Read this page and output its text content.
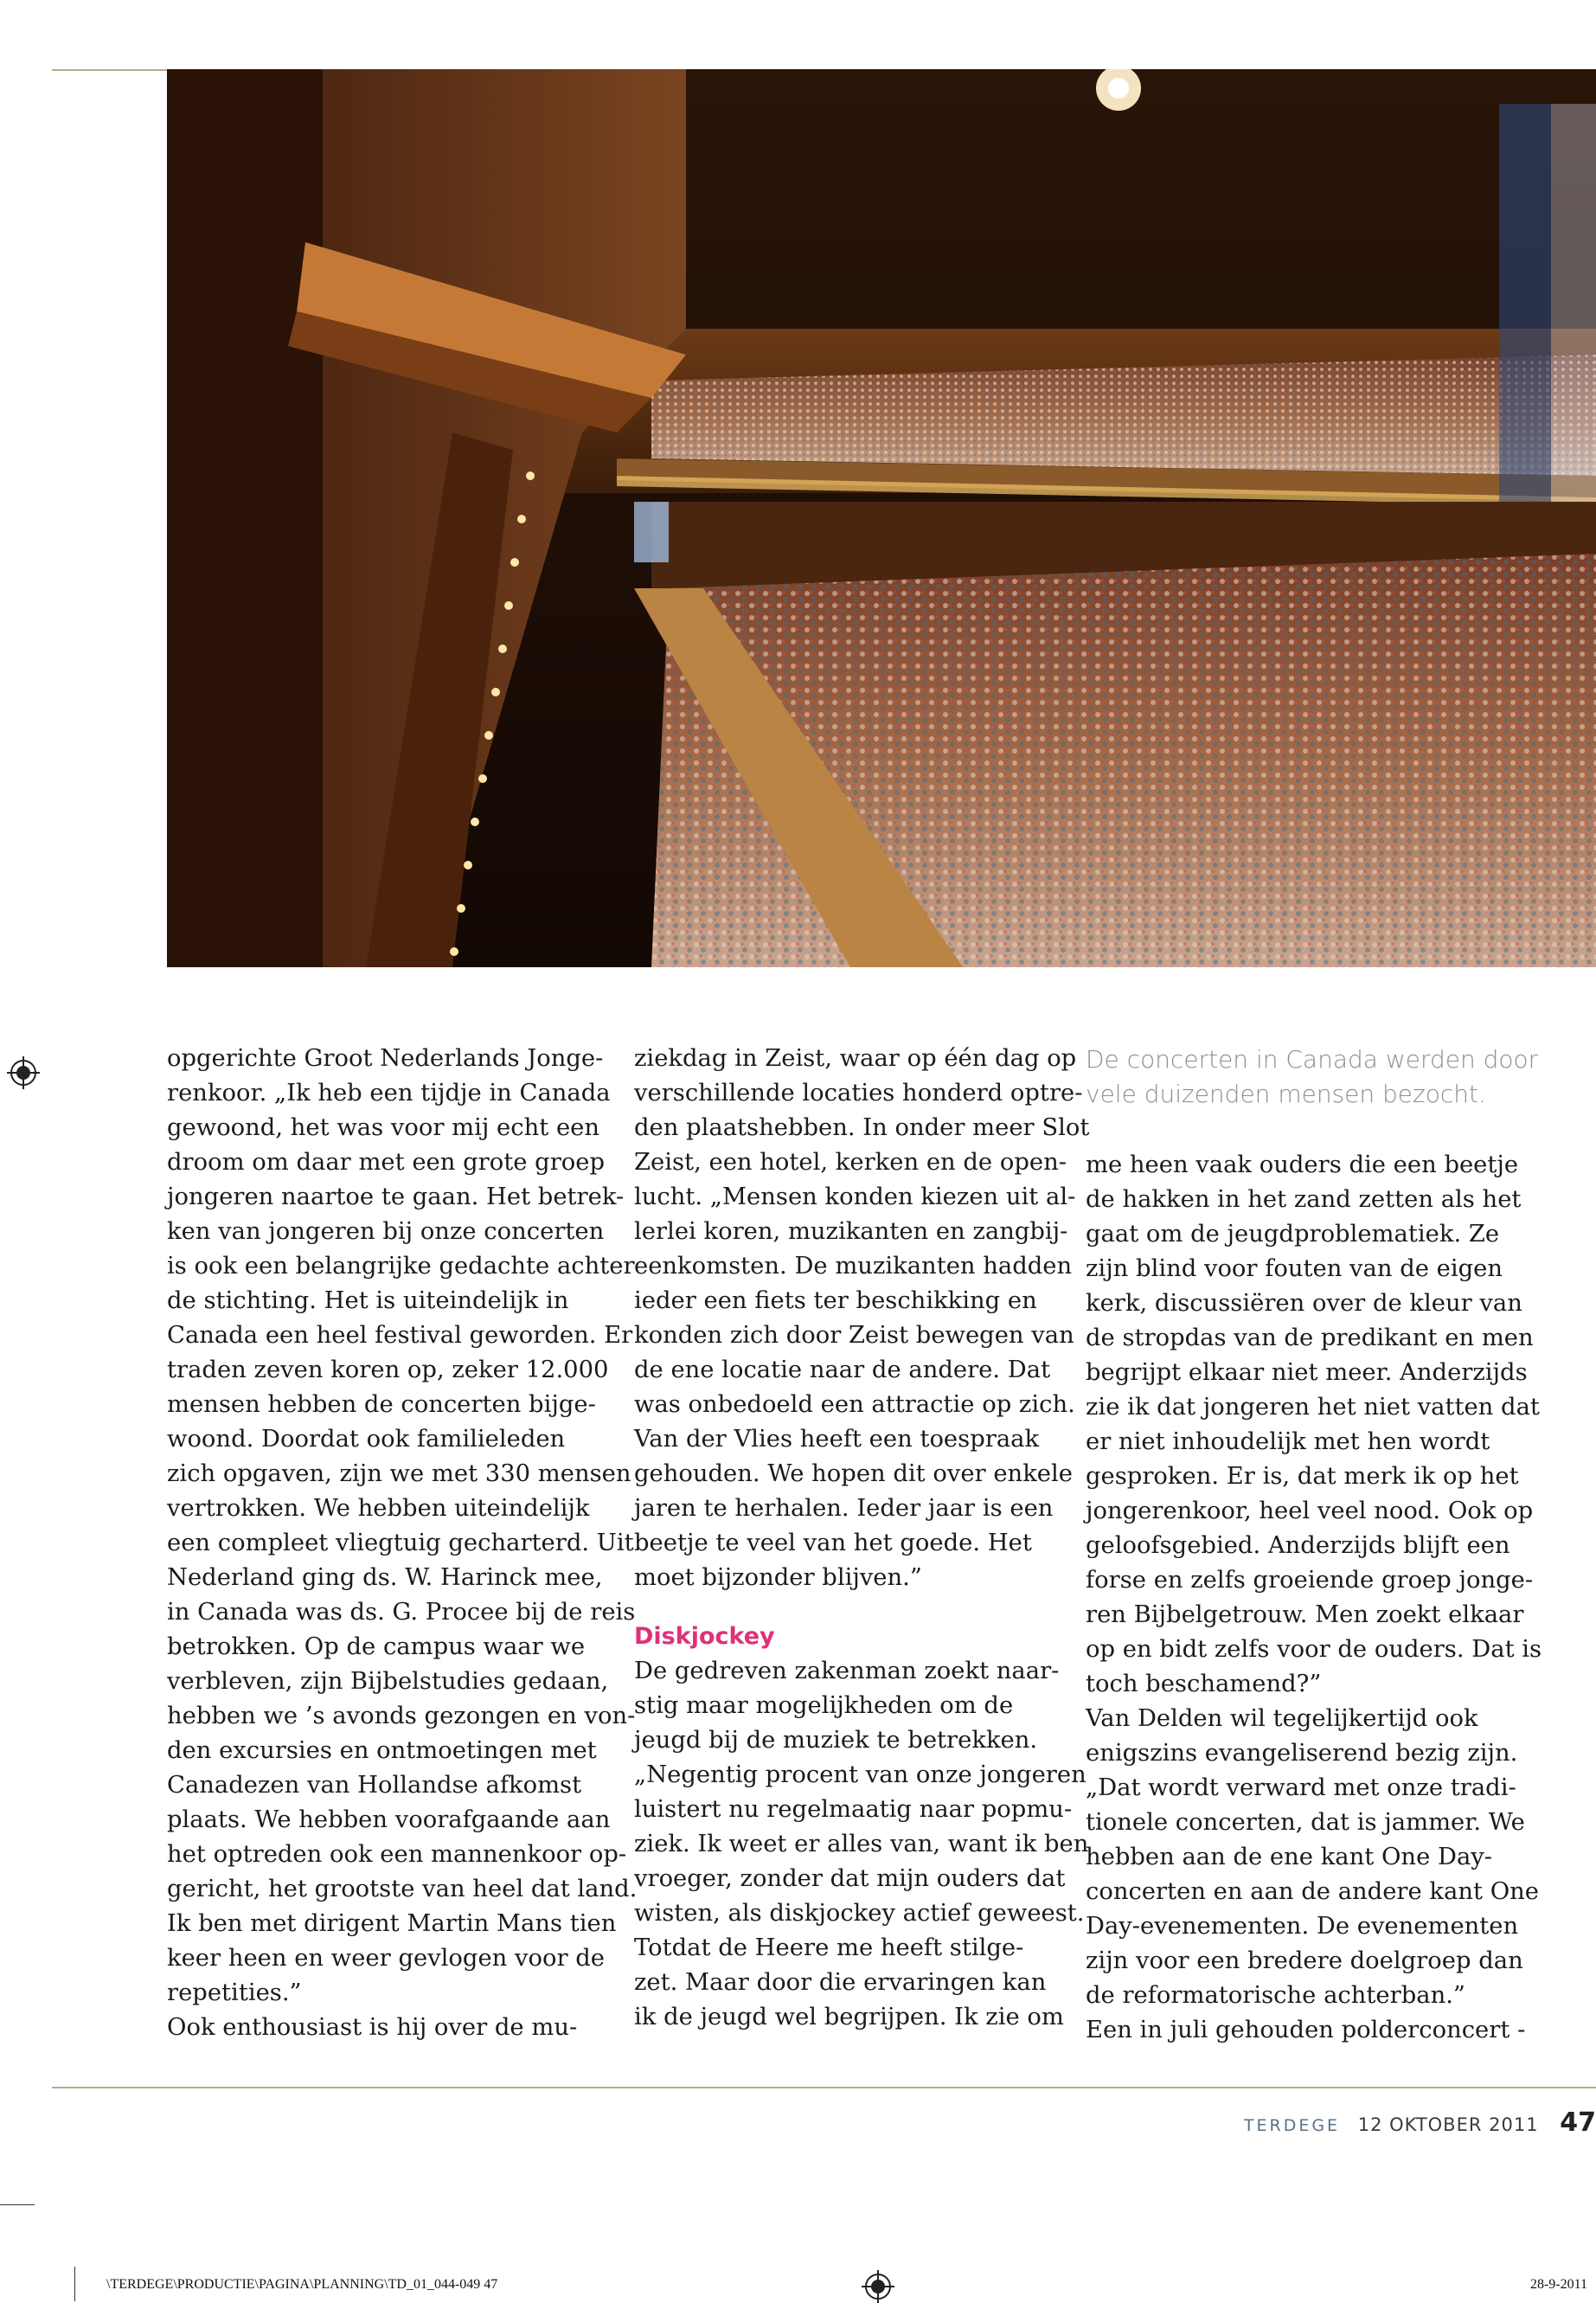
opgerichte Groot Nederlands Jonge-
renkoor. „Ik heb een tijdje in Canada
gewoond, het was voor mij echt een
droom om daar met een grote groep
jongeren naartoe te gaan. Het betrek-
ken van jongeren bij onze concerten
is ook een belangrijke gedachte achter
de stichting. Het is uiteindelijk in
Canada een heel festival geworden. Er
traden zeven koren op, zeker 12.000
mensen hebben de concerten bijge-
woond. Doordat ook familieleden
zich opgaven, zijn we met 330 mensen
vertrokken. We hebben uiteindelijk
een compleet vliegtuig gecharterd. Uit
Nederland ging ds. W. Harinck mee,
in Canada was ds. G. Procee bij de reis
betrokken. Op de campus waar we
verbleven, zijn Bijbelstudies gedaan,
hebben we ’s avonds gezongen en von-
den excursies en ontmoetingen met
Canadezen van Hollandse afkomst
plaats. We hebben voorafgaande aan
het optreden ook een mannenkoor op-
gericht, het grootste van heel dat land.
Ik ben met dirigent Martin Mans tien
keer heen en weer gevlogen voor de
repetities.”
Ook enthousiast is hij over de mu-
ziekdag in Zeist, waar op één dag op
verschillende locaties honderd optre-
den plaatshebben. In onder meer Slot
Zeist, een hotel, kerken en de open-
lucht. „Mensen konden kiezen uit al-
lerlei koren, muzikanten en zangbij-
eenkomsten. De muzikanten hadden
ieder een fiets ter beschikking en
konden zich door Zeist bewegen van
de ene locatie naar de andere. Dat
was onbedoeld een attractie op zich.
Van der Vlies heeft een toespraak
gehouden. We hopen dit over enkele
jaren te herhalen. Ieder jaar is een
beetje te veel van het goede. Het
moet bijzonder blijven.”
Diskjockey
De gedreven zakenman zoekt naar-
stig maar mogelijkheden om de
jeugd bij de muziek te betrekken.
„Negentig procent van onze jongeren
luistert nu regelmaatig naar popmu-
ziek. Ik weet er alles van, want ik ben
vroeger, zonder dat mijn ouders dat
wisten, als diskjockey actief geweest.
Totdat de Heere me heeft stilge-
zet. Maar door die ervaringen kan
ik de jeugd wel begrijpen. Ik zie om
De concerten in Canada werden door
vele duizenden mensen bezocht.
me heen vaak ouders die een beetje
de hakken in het zand zetten als het
gaat om de jeugdproblematiek. Ze
zijn blind voor fouten van de eigen
kerk, discussiëren over de kleur van
de stropdas van de predikant en men
begrijpt elkaar niet meer. Anderzijds
zie ik dat jongeren het niet vatten dat
er niet inhoudelijk met hen wordt
gesproken. Er is, dat merk ik op het
jongerenkoor, heel veel nood. Ook op
geloofsgebied. Anderzijds blijft een
forse en zelfs groeiende groep jonge-
ren Bijbelgetrouw. Men zoekt elkaar
op en bidt zelfs voor de ouders. Dat is
toch beschamend?”
Van Delden wil tegelijkertijd ook
enigszins evangeliserend bezig zijn.
„Dat wordt verward met onze tradi-
tionele concerten, dat is jammer. We
hebben aan de ene kant One Day-
concerten en aan de andere kant One
Day-evenementen. De evenementen
zijn voor een bredere doelgroep dan
de reformatorische achterban.”
Een in juli gehouden polderconcert -
TERDEGE 12 OKTOBER 2011 47
\TERDEGE\PRODUCTIE\PAGINA\PLANNING\TD_01_044-049 47	28-9-2011
